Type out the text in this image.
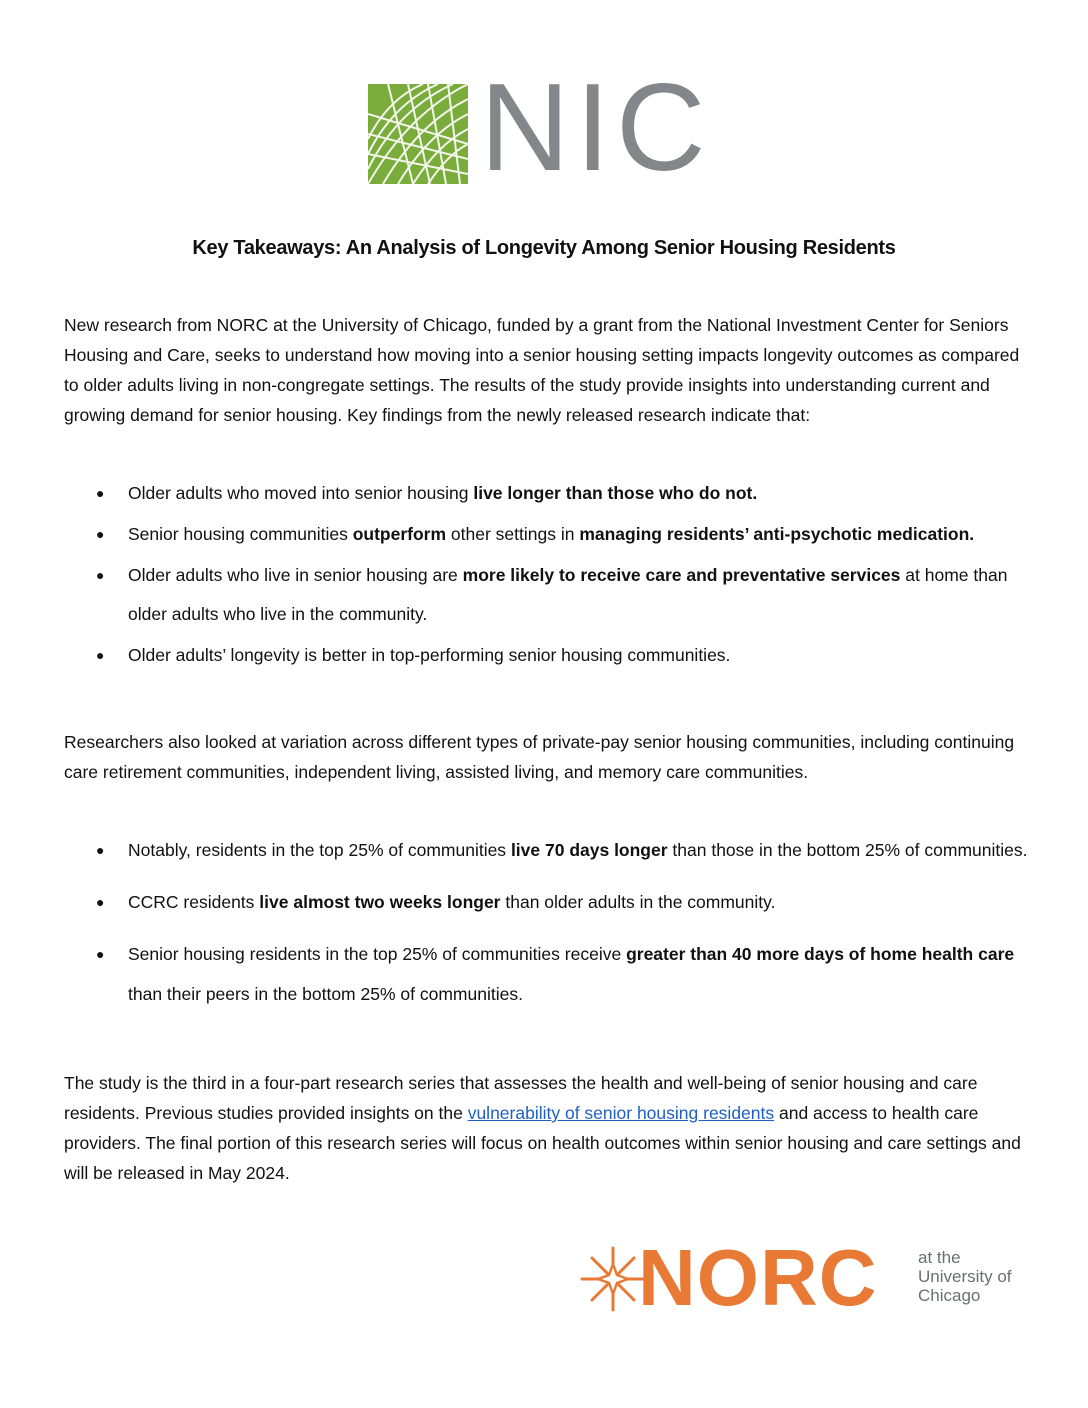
NIC
Key Takeaways: An Analysis of Longevity Among Senior Housing Residents

New research from NORC at the University of Chicago, funded by a grant from the National Investment Center for Seniors Housing and Care, seeks to understand how moving into a senior housing setting impacts longevity outcomes as compared to older adults living in non-congregate settings. The results of the study provide insights into understanding current and growing demand for senior housing. Key findings from the newly released research indicate that:

● Older adults who moved into senior housing live longer than those who do not.
● Senior housing communities outperform other settings in managing residents’ anti-psychotic medication.
● Older adults who live in senior housing are more likely to receive care and preventative services at home than older adults who live in the community.
● Older adults’ longevity is better in top-performing senior housing communities.

Researchers also looked at variation across different types of private-pay senior housing communities, including continuing care retirement communities, independent living, assisted living, and memory care communities.

● Notably, residents in the top 25% of communities live 70 days longer than those in the bottom 25% of communities.
● CCRC residents live almost two weeks longer than older adults in the community.
● Senior housing residents in the top 25% of communities receive greater than 40 more days of home health care than their peers in the bottom 25% of communities.

The study is the third in a four-part research series that assesses the health and well-being of senior housing and care residents. Previous studies provided insights on the vulnerability of senior housing residents and access to health care providers. The final portion of this research series will focus on health outcomes within senior housing and care settings and will be released in May 2024.

NORC at the
University of
Chicago
